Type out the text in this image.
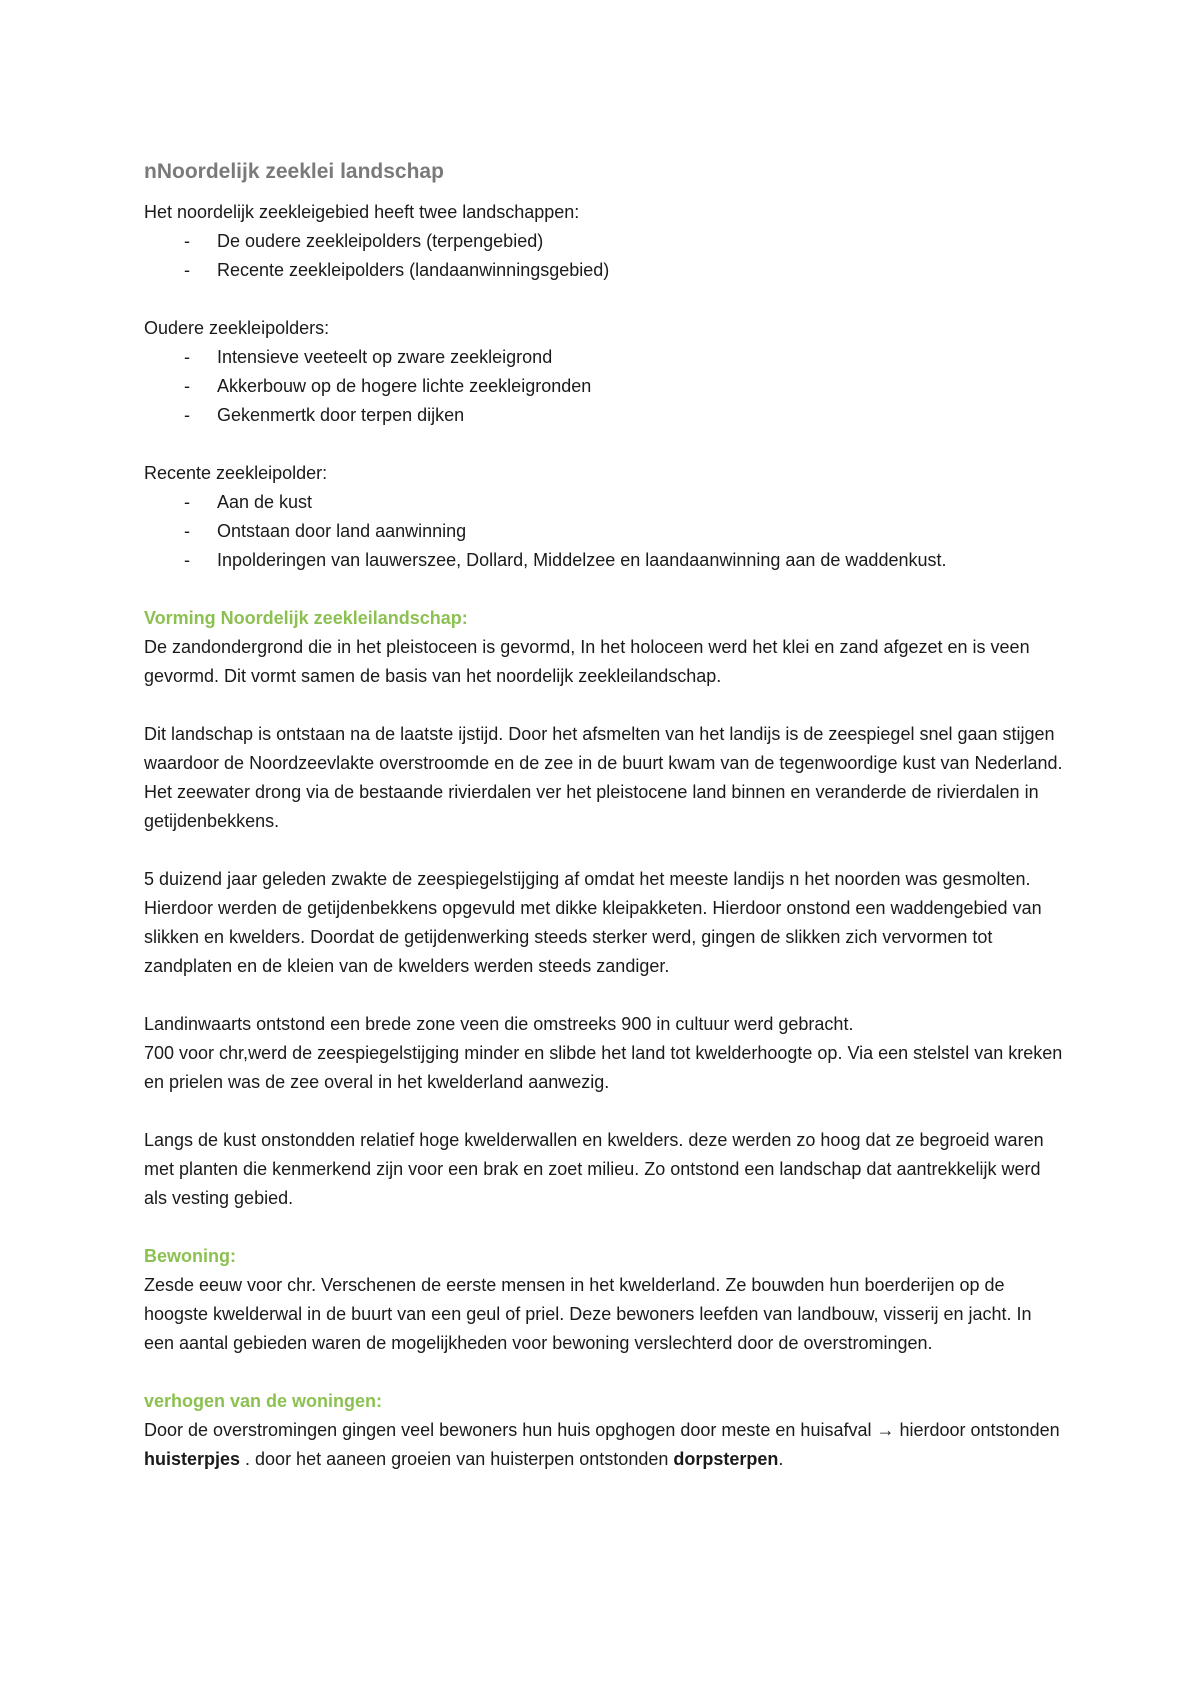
nNoordelijk zeeklei landschap

Het noordelijk zeekleigebied heeft twee landschappen:

- De oudere zeekleipolders (terpengebied)
- Recente zeekleipolders (landaanwinningsgebied)

Oudere zeekleipolders:

- Intensieve veeteelt op zware zeekleigrond
- Akkerbouw op de hogere lichte zeekleigronden
- Gekenmertk door terpen dijken

Recente zeekleipolder:

- Aan de kust
- Ontstaan door land aanwinning
- Inpolderingen van lauwerszee, Dollard, Middelzee en laandaanwinning aan de waddenkust.

Vorming Noordelijk zeekleilandschap:

De zandondergrond die in het pleistoceen is gevormd, In het holoceen werd het klei en zand afgezet en is veen gevormd. Dit vormt samen de basis van het noordelijk zeekleilandschap.

Dit landschap is ontstaan na de laatste ijstijd. Door het afsmelten van het landijs is de zeespiegel snel gaan stijgen waardoor de Noordzeevlakte overstroomde en de zee in de buurt kwam van de tegenwoordige kust van Nederland. Het zeewater drong via de bestaande rivierdalen ver het pleistocene land binnen en veranderde de rivierdalen in getijdenbekkens.

5 duizend jaar geleden zwakte de zeespiegelstijging af omdat het meeste landijs n het noorden was gesmolten. Hierdoor werden de getijdenbekkens opgevuld met dikke kleipakketen. Hierdoor onstond een waddengebied van slikken en kwelders. Doordat de getijdenwerking steeds sterker werd, gingen de slikken zich vervormen tot zandplaten en de kleien van de kwelders werden steeds zandiger.

Landinwaarts ontstond een brede zone veen die omstreeks 900 in cultuur werd gebracht.

700 voor chr,werd de zeespiegelstijging minder en slibde het land tot kwelderhoogte op. Via een stelstel van kreken en prielen was de zee overal in het kwelderland aanwezig.

Langs de kust onstondden relatief hoge kwelderwallen en kwelders. deze werden zo hoog dat ze begroeid waren met planten die kenmerkend zijn voor een brak en zoet milieu. Zo ontstond een landschap dat aantrekkelijk werd als vesting gebied.

Bewoning:

Zesde eeuw voor chr. Verschenen de eerste mensen in het kwelderland. Ze bouwden hun boerderijen op de hoogste kwelderwal in de buurt van een geul of priel. Deze bewoners leefden van landbouw, visserij en jacht. In een aantal gebieden waren de mogelijkheden voor bewoning verslechterd door de overstromingen.

verhogen van de woningen:

Door de overstromingen gingen veel bewoners hun huis opghogen door meste en huisafval → hierdoor ontstonden huisterpjes . door het aaneen groeien van huisterpen ontstonden dorpsterpen.
